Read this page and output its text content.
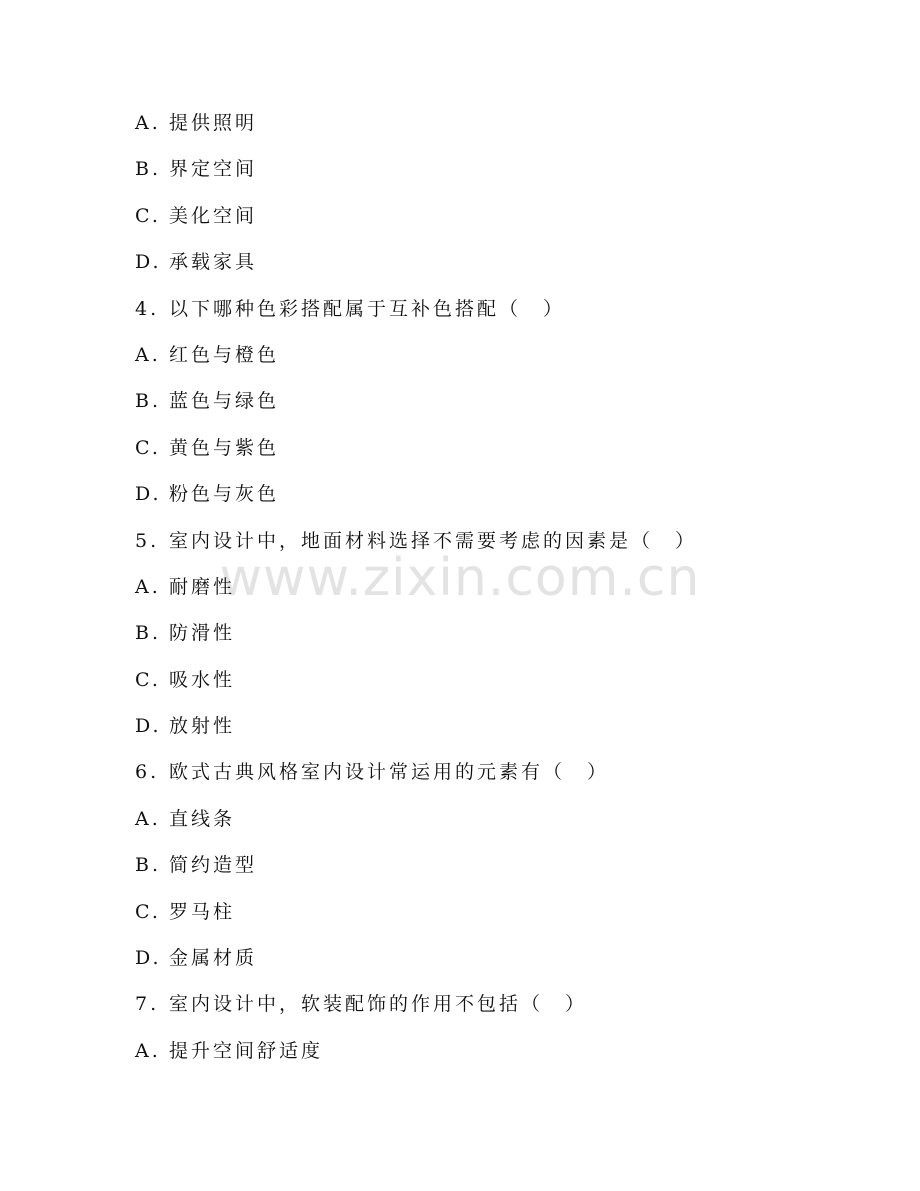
www.zixin.com.cn
A. 提供照明
B. 界定空间
C. 美化空间
D. 承载家具
4. 以下哪种色彩搭配属于互补色搭配（　）
A. 红色与橙色
B. 蓝色与绿色
C. 黄色与紫色
D. 粉色与灰色
5. 室内设计中，地面材料选择不需要考虑的因素是（　）
A. 耐磨性
B. 防滑性
C. 吸水性
D. 放射性
6. 欧式古典风格室内设计常运用的元素有（　）
A. 直线条
B. 简约造型
C. 罗马柱
D. 金属材质
7. 室内设计中，软装配饰的作用不包括（　）
A. 提升空间舒适度
